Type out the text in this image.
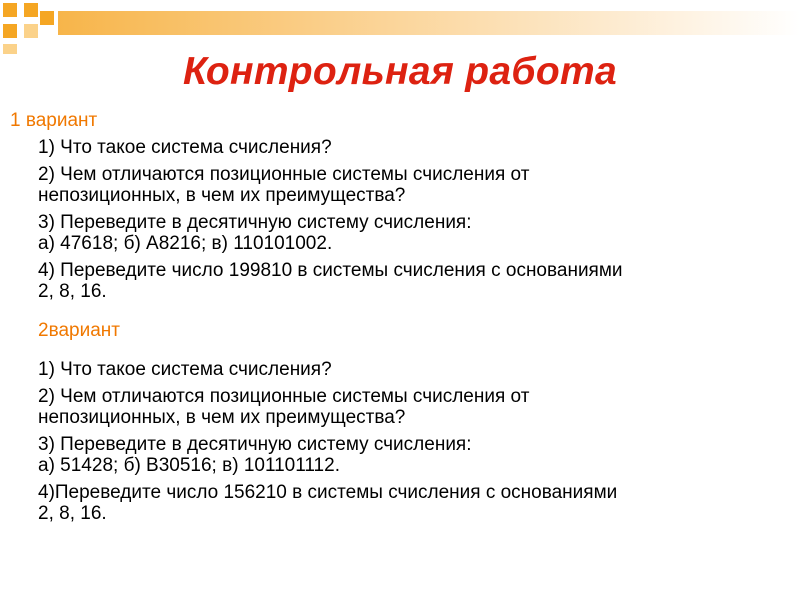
Контрольная работа
1 вариант
1) Что такое система счисления?
2) Чем отличаются позиционные системы счисления от
непозиционных, в чем их преимущества?
3) Переведите в десятичную систему счисления:
а) 47618; б) A8216; в) 110101002.
4) Переведите число 199810 в системы счисления с основаниями
2, 8, 16.
2вариант
1) Что такое система счисления?
2) Чем отличаются позиционные системы счисления от
непозиционных, в чем их преимущества?
3) Переведите в десятичную систему счисления:
а) 51428; б) B30516; в) 101101112.
4)Переведите число 156210 в системы счисления с основаниями
2, 8, 16.
